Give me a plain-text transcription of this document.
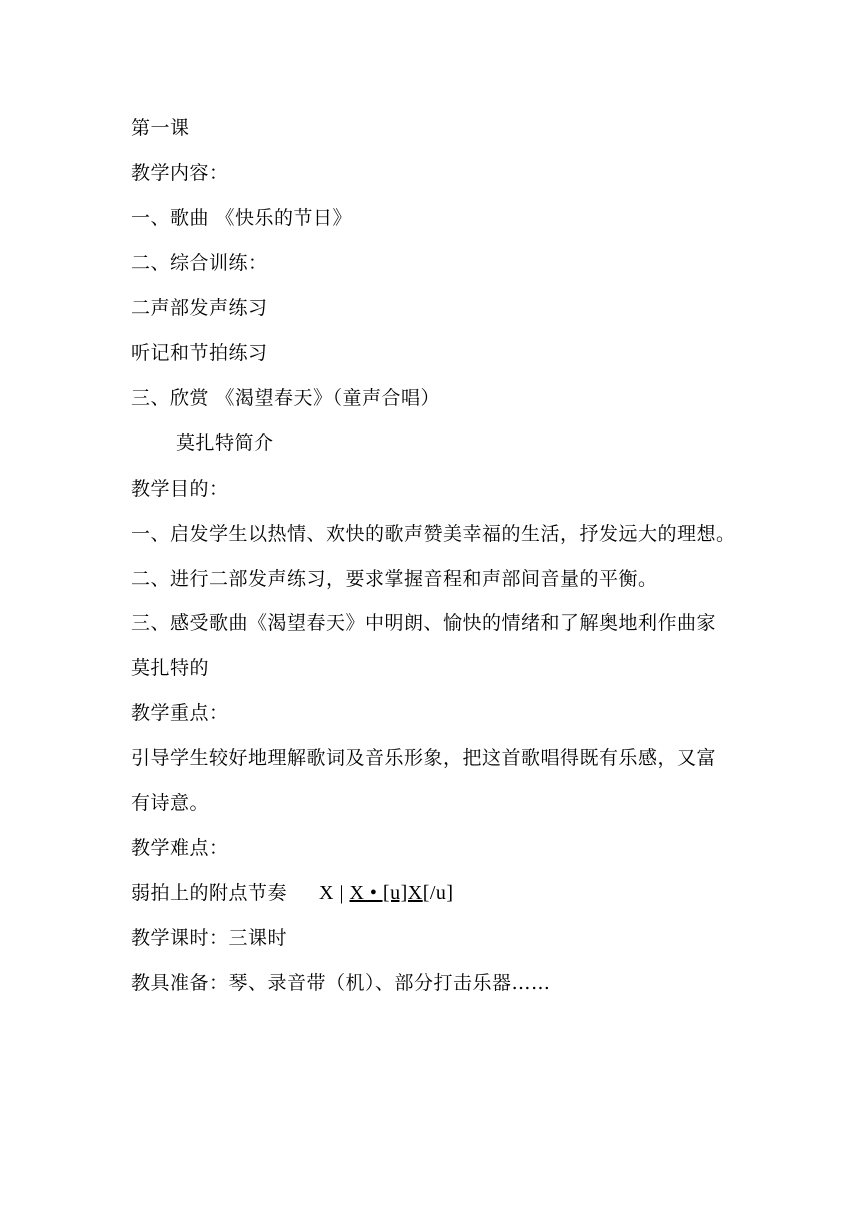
第一课
教学内容：
一、歌曲 《快乐的节日》
二、综合训练：
二声部发声练习
听记和节拍练习
三、欣赏 《渴望春天》（童声合唱）
莫扎特简介
教学目的：
一、启发学生以热情、欢快的歌声赞美幸福的生活，抒发远大的理想。
二、进行二部发声练习，要求掌握音程和声部间音量的平衡。
三、感受歌曲《渴望春天》中明朗、愉快的情绪和了解奥地利作曲家
莫扎特的
教学重点：
引导学生较好地理解歌词及音乐形象，把这首歌唱得既有乐感，又富
有诗意。
教学难点：
弱拍上的附点节奏 X | X • [u]X[/u]
教学课时：三课时
教具准备：琴、录音带（机）、部分打击乐器……
